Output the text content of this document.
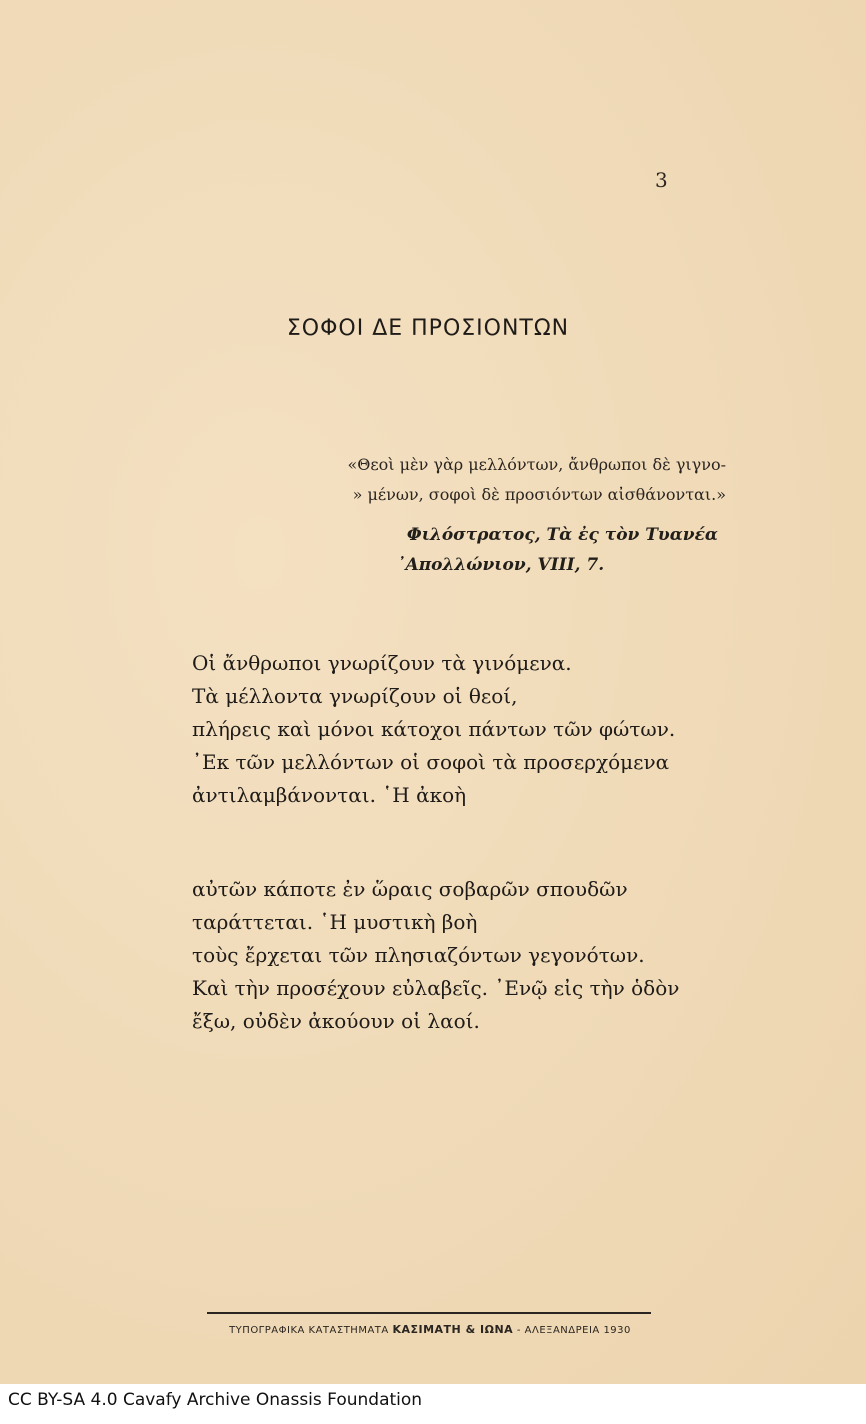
3
ΣΟΦΟΙ ΔΕ ΠΡΟΣΙΟΝΤΩΝ
«Θεοὶ μὲν γὰρ μελλόντων, ἄνθρωποι δὲ γιγνο-
» μένων, σοφοὶ δὲ προσιόντων αἰσθάνονται.»
Φιλόστρατος, Τὰ ἐς τὸν Τυανέα
᾿Απολλώνιον, VIII, 7.
Οἱ ἄνθρωποι γνωρίζουν τὰ γινόμενα.
Τὰ μέλλοντα γνωρίζουν οἱ θεοί,
πλήρεις καὶ μόνοι κάτοχοι πάντων τῶν φώτων.
᾿Εκ τῶν μελλόντων οἱ σοφοὶ τὰ προσερχόμενα
ἀντιλαμβάνονται. ῾Η ἀκοὴ
αὐτῶν κάποτε ἐν ὥραις σοβαρῶν σπουδῶν
ταράττεται. ῾Η μυστικὴ βοὴ
τοὺς ἔρχεται τῶν πλησιαζόντων γεγονότων.
Καὶ τὴν προσέχουν εὐλαβεῖς. ᾿Ενῷ εἰς τὴν ὁδὸν
ἔξω, οὐδὲν ἀκούουν οἱ λαοί.
ΤΥΠΟΓΡΑΦΙΚΑ ΚΑΤΑΣΤΗΜΑΤΑ ΚΑΣΙΜΑΤΗ & ΙΩΝΑ - ΑΛΕΞΑΝΔΡΕΙΑ 1930
CC BY-SA 4.0 Cavafy Archive Onassis Foundation
